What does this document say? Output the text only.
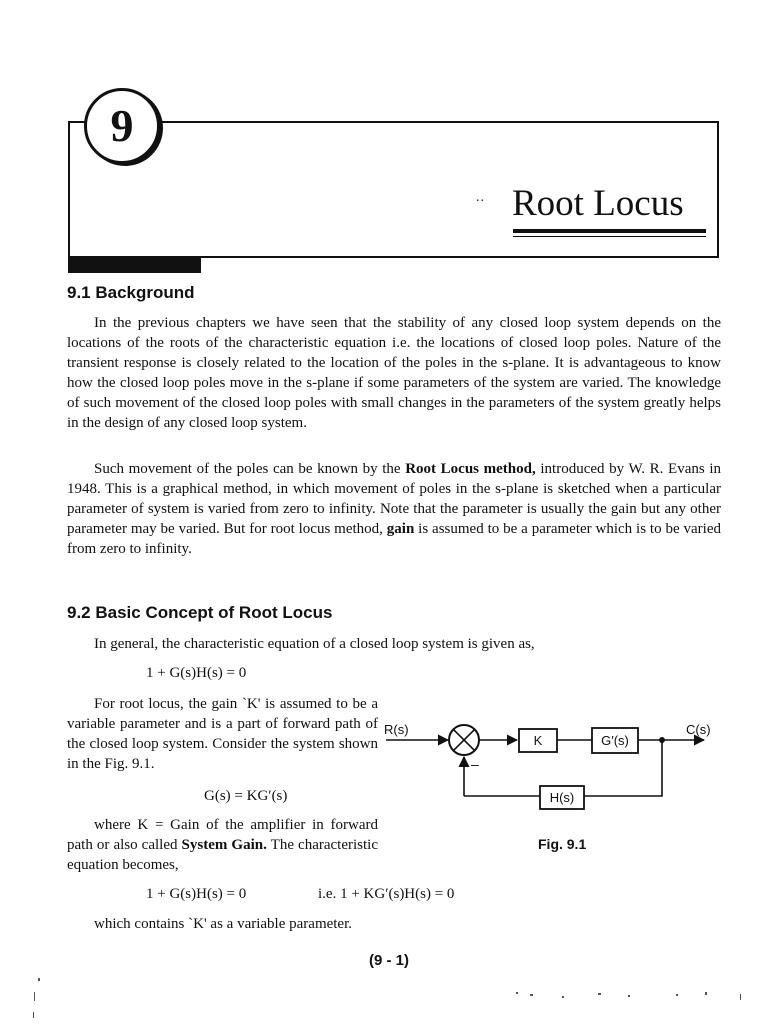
9
.. Root Locus
9.1 Background

In the previous chapters we have seen that the stability of any closed loop system depends on the locations of the roots of the characteristic equation i.e. the locations of closed loop poles. Nature of the transient response is closely related to the location of the poles in the s-plane. It is advantageous to know how the closed loop poles move in the s-plane if some parameters of the system are varied. The knowledge of such movement of the closed loop poles with small changes in the parameters of the system greatly helps in the design of any closed loop system.

Such movement of the poles can be known by the Root Locus method, introduced by W. R. Evans in 1948. This is a graphical method, in which movement of poles in the s-plane is sketched when a particular parameter of system is varied from zero to infinity. Note that the parameter is usually the gain but any other parameter may be varied. But for root locus method, gain is assumed to be a parameter which is to be varied from zero to infinity.

9.2 Basic Concept of Root Locus

In general, the characteristic equation of a closed loop system is given as,

1 + G(s)H(s) = 0

For root locus, the gain `K' is assumed to be a variable parameter and is a part of forward path of the closed loop system. Consider the system shown in the Fig. 9.1.

G(s) = KG′(s)

where K = Gain of the amplifier in forward path or also called System Gain. The characteristic equation becomes,

1 + G(s)H(s) = 0	i.e. 1 + KG′(s)H(s) = 0

which contains `K' as a variable parameter.

R(s)
K	G′(s)
C(s)
H(s)
–
Fig. 9.1
(9 - 1)
